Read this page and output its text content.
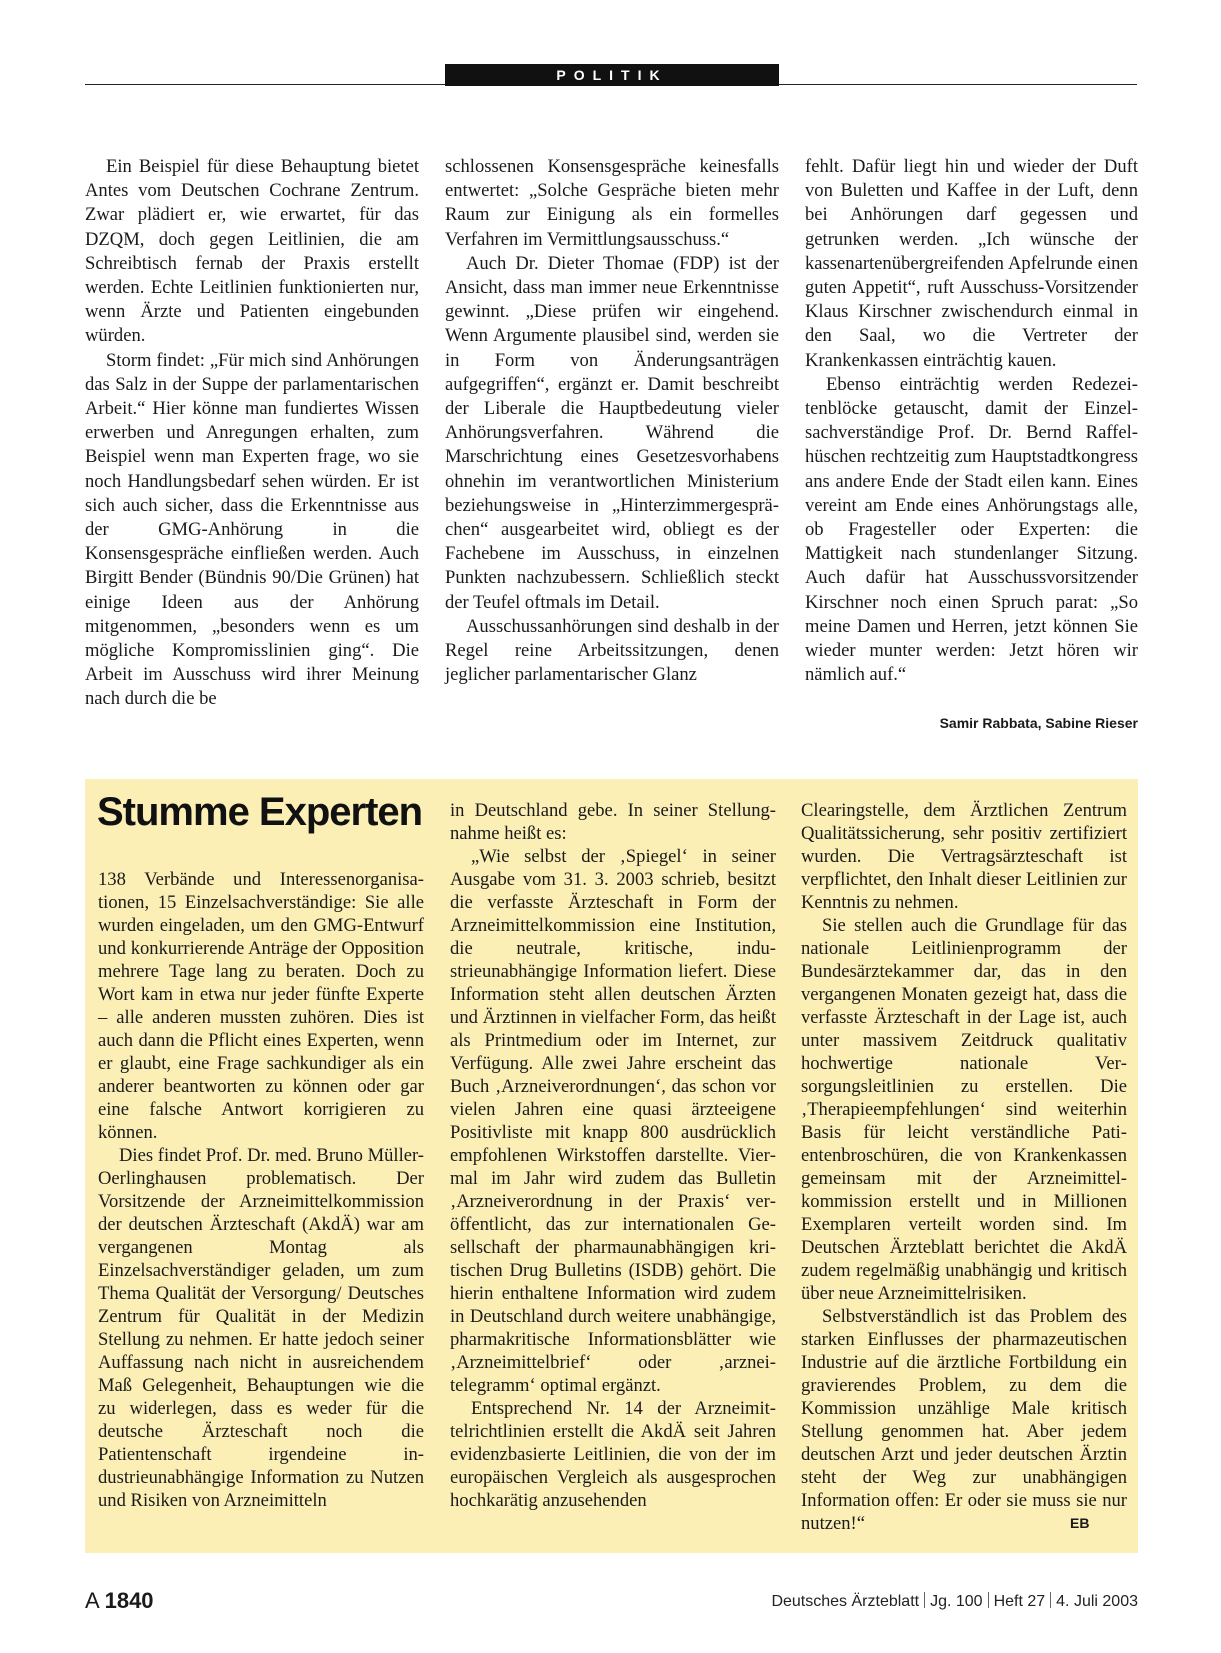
POLITIK

Ein Beispiel für diese Behauptung bietet Antes vom Deutschen Cochrane Zentrum. Zwar plädiert er, wie erwartet, für das DZQM, doch gegen Leitlinien, die am Schreibtisch fernab der Praxis erstellt werden. Echte Leitlinien funktionierten nur, wenn Ärzte und Patienten eingebunden würden.

Storm findet: „Für mich sind Anhörungen das Salz in der Suppe der parlamentarischen Arbeit.“ Hier könne man fundiertes Wissen erwerben und Anregungen erhalten, zum Beispiel wenn man Experten frage, wo sie noch Handlungsbedarf sehen würden. Er ist sich auch sicher, dass die Erkenntnisse aus der GMG-Anhörung in die Konsensgespräche einfließen werden. Auch Birgitt Bender (Bündnis 90/Die Grünen) hat einige Ideen aus der Anhörung mitgenommen, „besonders wenn es um mögliche Kompromisslinien ging“. Die Arbeit im Ausschuss wird ihrer Meinung nach durch die be

schlossenen Konsensgespräche keinesfalls entwertet: „Solche Gespräche bieten mehr Raum zur Einigung als ein formelles Verfahren im Vermittlungsausschuss.“

Auch Dr. Dieter Thomae (FDP) ist der Ansicht, dass man immer neue Erkenntnisse gewinnt. „Diese prüfen wir eingehend. Wenn Argumente plausibel sind, werden sie in Form von Änderungsanträgen aufgegriffen“, ergänzt er. Damit beschreibt der Liberale die Hauptbedeutung vieler Anhörungsverfahren. Während die Marschrichtung eines Gesetzesvorhabens ohnehin im verantwortlichen Ministerium beziehungsweise in „Hinterzimmergesprächen“ ausgearbeitet wird, obliegt es der Fachebene im Ausschuss, in einzelnen Punkten nachzubessern. Schließlich steckt der Teufel oftmals im Detail.

Ausschussanhörungen sind deshalb in der Regel reine Arbeitssitzungen, denen jeglicher parlamentarischer Glanz

fehlt. Dafür liegt hin und wieder der Duft von Buletten und Kaffee in der Luft, denn bei Anhörungen darf gegessen und getrunken werden. „Ich wünsche der kassenartenübergreifenden Apfelrunde einen guten Appetit“, ruft Ausschuss-Vorsitzender Klaus Kirschner zwischendurch einmal in den Saal, wo die Vertreter der Krankenkassen einträchtig kauen.

Ebenso einträchtig werden Redezeitenblöcke getauscht, damit der Einzelsachverständige Prof. Dr. Bernd Raffelhüschen rechtzeitig zum Hauptstadtkongress ans andere Ende der Stadt eilen kann. Eines vereint am Ende eines Anhörungstags alle, ob Fragesteller oder Experten: die Mattigkeit nach stundenlanger Sitzung. Auch dafür hat Ausschussvorsitzender Kirschner noch einen Spruch parat: „So meine Damen und Herren, jetzt können Sie wieder munter werden: Jetzt hören wir nämlich auf.“

Samir Rabbata, Sabine Rieser
Stumme Experten

138 Verbände und Interessenorganisationen, 15 Einzelsachverständige: Sie alle wurden eingeladen, um den GMG-Entwurf und konkurrierende Anträge der Opposition mehrere Tage lang zu beraten. Doch zu Wort kam in etwa nur jeder fünfte Experte – alle anderen mussten zuhören. Dies ist auch dann die Pflicht eines Experten, wenn er glaubt, eine Frage sachkundiger als ein anderer beantworten zu können oder gar eine falsche Antwort korrigieren zu können.

Dies findet Prof. Dr. med. Bruno Müller-Oerlinghausen problematisch. Der Vorsitzende der Arzneimittelkommission der deutschen Ärzteschaft (AkdÄ) war am vergangenen Montag als Einzelsachverständiger geladen, um zum Thema Qualität der Versorgung/ Deutsches Zentrum für Qualität in der Medizin Stellung zu nehmen. Er hatte jedoch seiner Auffassung nach nicht in ausreichendem Maß Gelegenheit, Behauptungen wie die zu widerlegen, dass es weder für die deutsche Ärzteschaft noch die Patientenschaft irgendeine industrieunabhängige Information zu Nutzen und Risiken von Arzneimitteln

in Deutschland gebe. In seiner Stellungnahme heißt es:

„Wie selbst der ‚Spiegel‘ in seiner Ausgabe vom 31. 3. 2003 schrieb, besitzt die verfasste Ärzteschaft in Form der Arzneimittelkommission eine Institution, die neutrale, kritische, industrieunabhängige Information liefert. Diese Information steht allen deutschen Ärzten und Ärztinnen in vielfacher Form, das heißt als Printmedium oder im Internet, zur Verfügung. Alle zwei Jahre erscheint das Buch ‚Arzneiverordnungen‘, das schon vor vielen Jahren eine quasi ärzteeigene Positivliste mit knapp 800 ausdrücklich empfohlenen Wirkstoffen darstellte. Viermal im Jahr wird zudem das Bulletin ‚Arzneiverordnung in der Praxis‘ veröffentlicht, das zur internationalen Gesellschaft der pharmaunabhängigen kritischen Drug Bulletins (ISDB) gehört. Die hierin enthaltene Information wird zudem in Deutschland durch weitere unabhängige, pharmakritische Informationsblätter wie ‚Arzneimittelbrief‘ oder ‚arznei-telegramm‘ optimal ergänzt.

Entsprechend Nr. 14 der Arzneimittelrichtlinien erstellt die AkdÄ seit Jahren evidenzbasierte Leitlinien, die von der im europäischen Vergleich als ausgesprochen hochkarätig anzusehenden

Clearingstelle, dem Ärztlichen Zentrum Qualitätssicherung, sehr positiv zertifiziert wurden. Die Vertragsärzteschaft ist verpflichtet, den Inhalt dieser Leitlinien zur Kenntnis zu nehmen.

Sie stellen auch die Grundlage für das nationale Leitlinienprogramm der Bundesärztekammer dar, das in den vergangenen Monaten gezeigt hat, dass die verfasste Ärzteschaft in der Lage ist, auch unter massivem Zeitdruck qualitativ hochwertige nationale Versorgungsleitlinien zu erstellen. Die ‚Therapieempfehlungen‘ sind weiterhin Basis für leicht verständliche Patientenbroschüren, die von Krankenkassen gemeinsam mit der Arzneimittelkommission erstellt und in Millionen Exemplaren verteilt worden sind. Im Deutschen Ärzteblatt berichtet die AkdÄ zudem regelmäßig unabhängig und kritisch über neue Arzneimittelrisiken.

Selbstverständlich ist das Problem des starken Einflusses der pharmazeutischen Industrie auf die ärztliche Fortbildung ein gravierendes Problem, zu dem die Kommission unzählige Male kritisch Stellung genommen hat. Aber jedem deutschen Arzt und jeder deutschen Ärztin steht der Weg zur unabhängigen Information offen: Er oder sie muss sie nur nutzen!“	EB
A 1840	Deutsches Ärzteblatt Jg. 100 Heft 27 4. Juli 2003
